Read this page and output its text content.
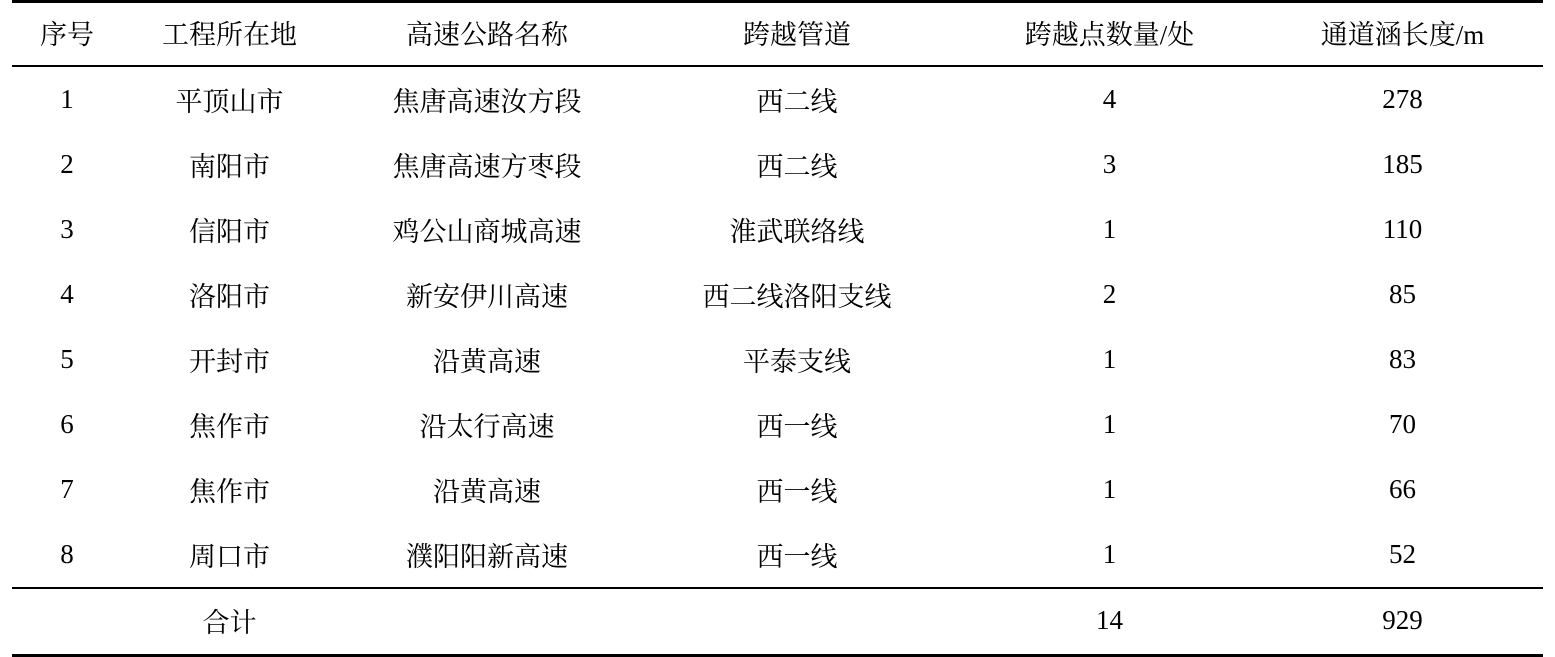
序号	工程所在地	高速公路名称	跨越管道	跨越点数量/处	通道涵长度/m
1	平顶山市	焦唐高速汝方段	西二线	4	278
2	南阳市	焦唐高速方枣段	西二线	3	185
3	信阳市	鸡公山商城高速	淮武联络线	1	110
4	洛阳市	新安伊川高速	西二线洛阳支线	2	85
5	开封市	沿黄高速	平泰支线	1	83
6	焦作市	沿太行高速	西一线	1	70
7	焦作市	沿黄高速	西一线	1	66
8	周口市	濮阳阳新高速	西一线	1	52
	合计			14	929
